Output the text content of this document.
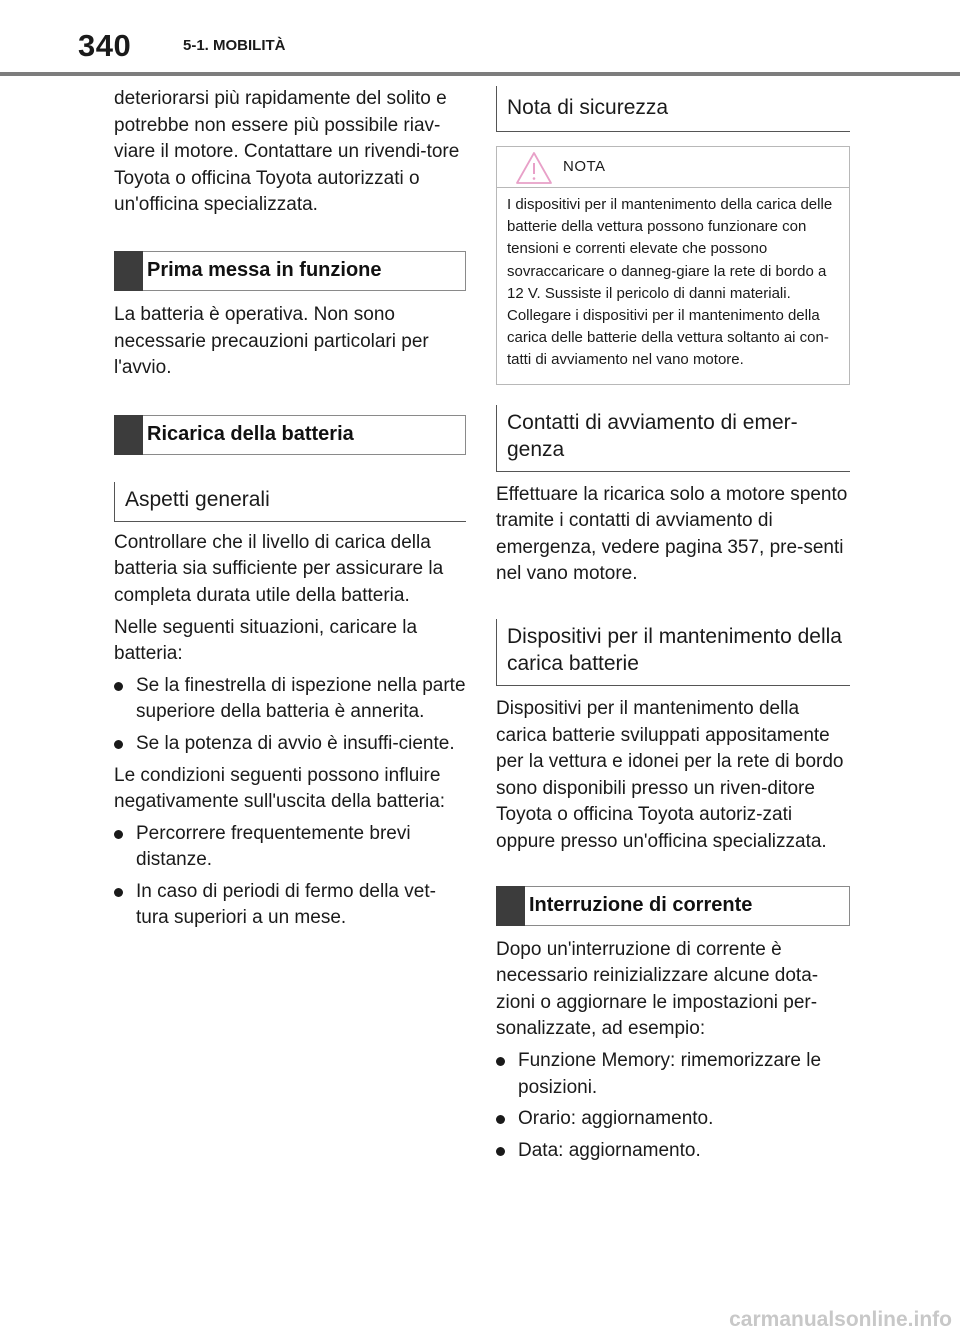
340	5-1. MOBILITÀ

deteriorarsi più rapidamente del solito e potrebbe non essere più possibile riav-viare il motore. Contattare un rivendi-tore Toyota o officina Toyota autorizzati o un'officina specializzata.

Prima messa in funzione

La batteria è operativa. Non sono necessarie precauzioni particolari per l'avvio.

Ricarica della batteria
Aspetti generali

Controllare che il livello di carica della batteria sia sufficiente per assicurare la completa durata utile della batteria.

Nelle seguenti situazioni, caricare la batteria:

Se la finestrella di ispezione nella parte superiore della batteria è annerita.
Se la potenza di avvio è insuffi-ciente.

Le condizioni seguenti possono influire negativamente sull'uscita della batteria:

Percorrere frequentemente brevi distanze.
In caso di periodi di fermo della vet-tura superiori a un mese.
Nota di sicurezza
NOTA
I dispositivi per il mantenimento della carica delle batterie della vettura possono funzionare con tensioni e correnti elevate che possono sovraccaricare o danneg-giare la rete di bordo a 12 V. Sussiste il pericolo di danni materiali. Collegare i dispositivi per il mantenimento della carica delle batterie della vettura soltanto ai con-tatti di avviamento nel vano motore.
Contatti di avviamento di emer-genza

Effettuare la ricarica solo a motore spento tramite i contatti di avviamento di emergenza, vedere pagina 357, pre-senti nel vano motore.

Dispositivi per il mantenimento della carica batterie

Dispositivi per il mantenimento della carica batterie sviluppati appositamente per la vettura e idonei per la rete di bordo sono disponibili presso un riven-ditore Toyota o officina Toyota autoriz-zati oppure presso un'officina specializzata.

Interruzione di corrente

Dopo un'interruzione di corrente è necessario reinizializzare alcune dota-zioni o aggiornare le impostazioni per-sonalizzate, ad esempio:

Funzione Memory: rimemorizzare le posizioni.
Orario: aggiornamento.
Data: aggiornamento.
carmanualsonline.info
